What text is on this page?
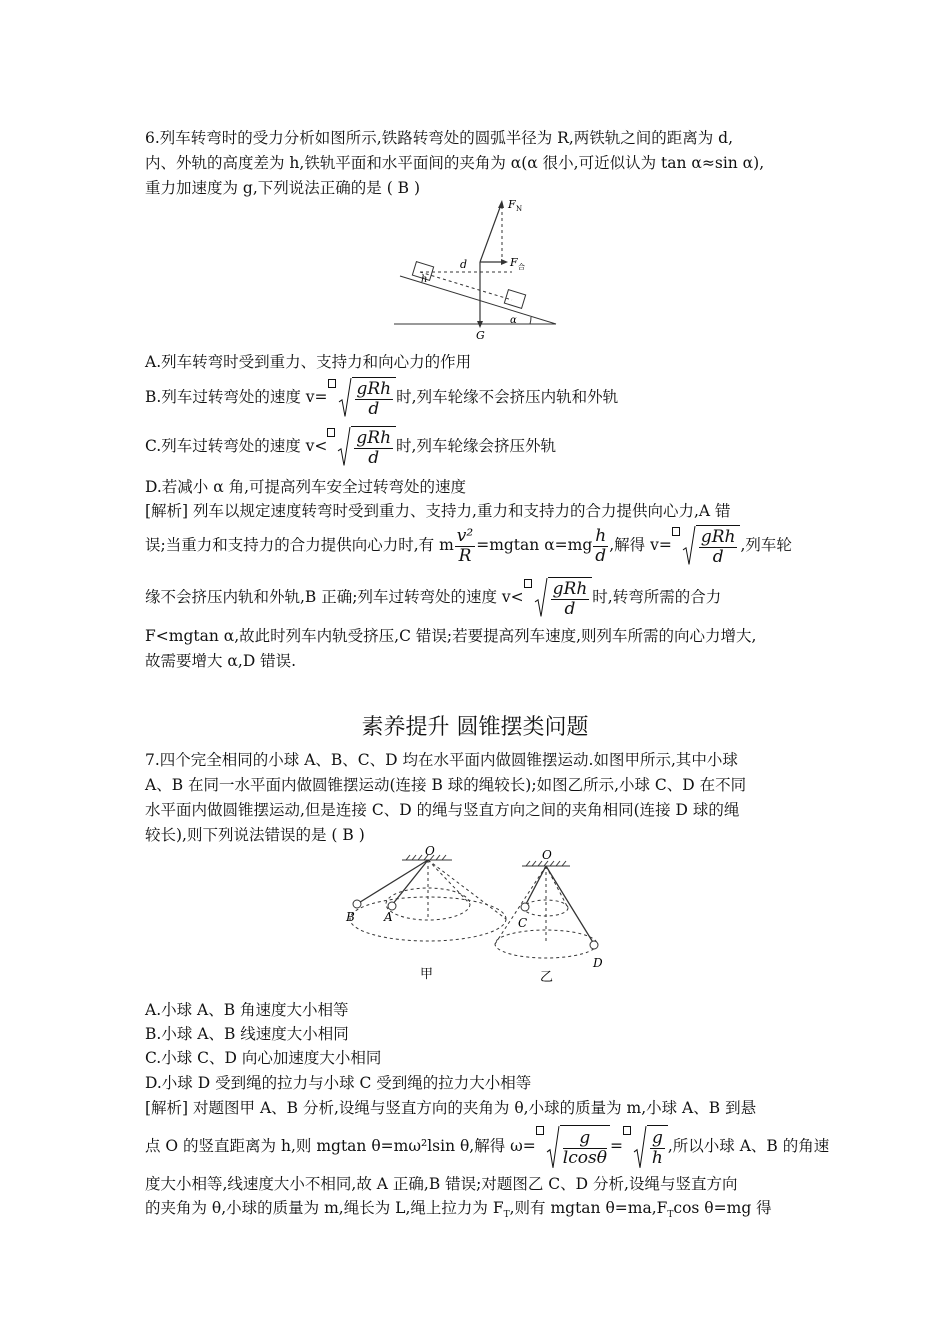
6.列车转弯时的受力分析如图所示,铁路转弯处的圆弧半径为 R,两铁轨之间的距离为 d,
内、外轨的高度差为 h,铁轨平面和水平面间的夹角为 α(α 很小,可近似认为 tan α≈sin α),
重力加速度为 g,下列说法正确的是 ( B )
F N
F 合
d
h
G
α
A.列车转弯时受到重力、支持力和向心力的作用
B.列车过转弯处的速度 $v= \frac{\text{gRh}}{d}$ 时,列车轮缘不会挤压内轨和外轨
C.列车过转弯处的速度 $v< \frac{\text{gRh}}{d}$ 时,列车轮缘会挤压外轨
D.若减小 α 角,可提高列车安全过转弯处的速度
[解析] 列车以规定速度转弯时受到重力、支持力,重力和支持力的合力提供向心力,A 错
误;当重力和支持力的合力提供向心力时,有 m $\frac{\text{v²}}{R} =mgtan$ $\alpha=mg \frac{h}{d}$ ,解得 $v= \frac{\text{gRh}}{d}$ ,列车轮
缘不会挤压内轨和外轨,B 正确;列车过转弯处的速度 $v< \frac{\text{gRh}}{d}$ 时,转弯所需的合力
F<mgtan α,故此时列车内轨受挤压,C 错误;若要提高列车速度,则列车所需的向心力增大,
故需要增大 α,D 错误.
素养提升 圆锥摆类问题
7.四个完全相同的小球 A、B、C、D 均在水平面内做圆锥摆运动.如图甲所示,其中小球
A、B 在同一水平面内做圆锥摆运动(连接 B 球的绳较长);如图乙所示,小球 C、D 在不同
水平面内做圆锥摆运动,但是连接 C、D 的绳与竖直方向之间的夹角相同(连接 D 球的绳
较长),则下列说法错误的是 ( B )
O
A
B
甲
O
C
D
乙
A.小球 A、B 角速度大小相等
B.小球 A、B 线速度大小相同
C.小球 C、D 向心加速度大小相同
D.小球 D 受到绳的拉力与小球 C 受到绳的拉力大小相等
[解析] 对题图甲 A、B 分析,设绳与竖直方向的夹角为 θ,小球的质量为 m,小球 A、B 到悬
点 O 的竖直距离为 h,则 mgtan θ=mω²lsin θ,解得 $\omega= \frac{g}{lcos\theta} = \frac{g}{h}$ ,所以小球 A、B 的角速
度大小相等,线速度大小不相同,故 A 正确,B 错误;对题图乙 C、D 分析,设绳与竖直方向
的夹角为 θ,小球的质量为 m,绳长为 L,绳上拉力为 $F_T$,则有 mgtan $\theta=ma,F_T\cos$ θ=mg 得
